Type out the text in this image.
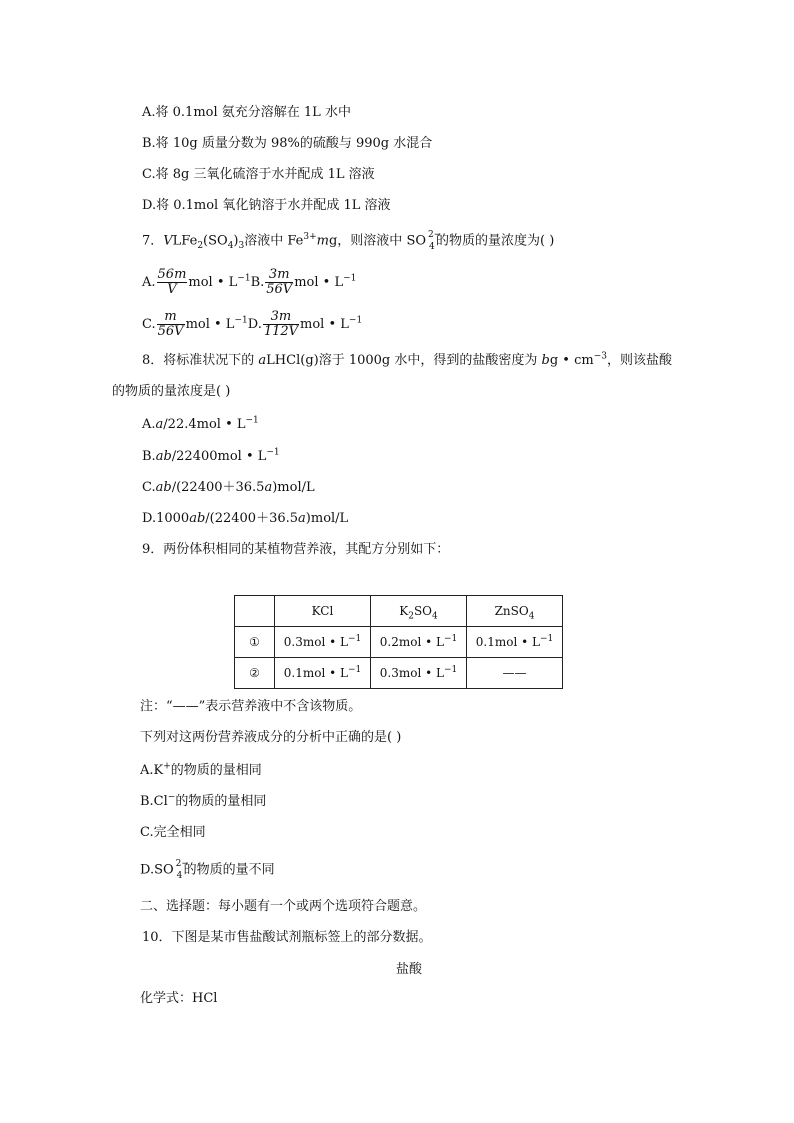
A.将 0.1mol 氨充分溶解在 1L 水中
B.将 10g 质量分数为 98%的硫酸与 990g 水混合
C.将 8g 三氧化硫溶于水并配成 1L 溶液
D.将 0.1mol 氧化钠溶于水并配成 1L 溶液
7．$VLFe_2(SO_4)_3$溶液中 $Fe^{3+}mg$，则溶液中 SO 2−
4 的物质的量浓度为( )
A. $\frac{56m}{V}$ mol • $L^{-1}B$. $\frac{3m}{56V}$ mol • $L^{-1}$
C. $\frac{m}{56V}$ mol • $L^{-1}D$. $\frac{3m}{112V}$ mol • $L^{-1}$
8．将标准状况下的 aLHCl(g)溶于 1000g 水中，得到的盐酸密度为 bg • $cm^{-3}$，则该盐酸
的物质的量浓度是( )
A.a/22.4mol • $L^{-1}$
B.ab/22400mol • $L^{-1}$
C.ab/(22400＋36.5a)mol/L
D.1000ab/(22400＋36.5a)mol/L
9．两份体积相同的某植物营养液，其配方分别如下：
	KCl	$K_2SO_4$	ZnSO$_4$
①	0.3mol • $L^{-1}$	0.2mol • $L^{-1}$	0.1mol • $L^{-1}$
②	0.1mol • $L^{-1}$	0.3mol • $L^{-1}$	——
注：“——”表示营养液中不含该物质。
下列对这两份营养液成分的分析中正确的是( )
A.K+的物质的量相同
B.Cl−的物质的量相同
C.完全相同
D.SO 2−
4 的物质的量不同
二、选择题：每小题有一个或两个选项符合题意。
10．下图是某市售盐酸试剂瓶标签上的部分数据。
盐酸
化学式：HCl
